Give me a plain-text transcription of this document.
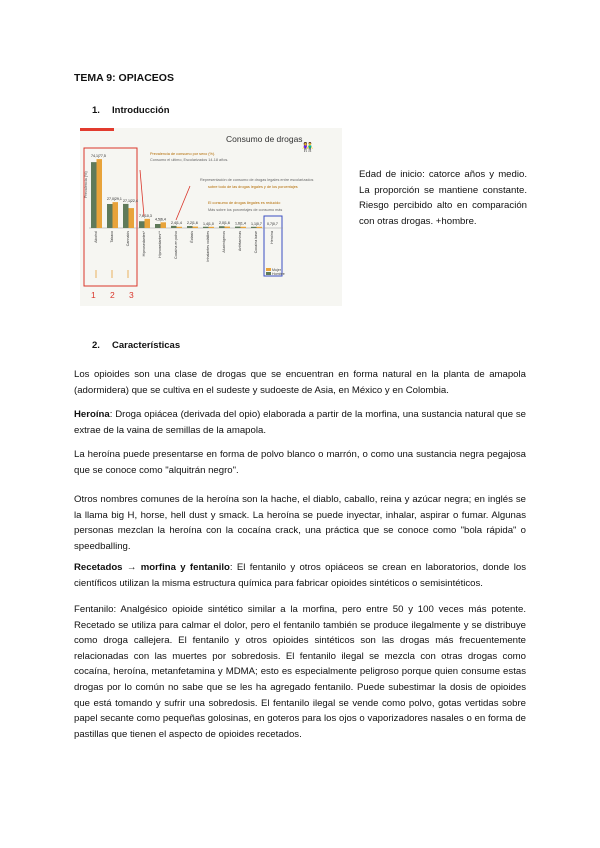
TEMA 9: OPIACEOS
1. Introducción
Consumo de drogas
Prevalencia de consumo por sexo (%).
Consumo el ultimo, Escolarizados 14-18 años.
👫
Representación de consumo de drogas legales entre escolarizados
sobre todo de las drogas legales y de los porcentajes
El consumo de drogas ilegales es reducido
Más sobre los porcentajes de consumo más
Prevalencia (%)
74,1|77,5
Alcohol
27,0|29,1
Tabaco
27,1|22,4
Cannabis
7,6|10,3
Hipnosedantes*
4,5|6,4
Hipnosedantes**
2,4|1,4
Cocaína en polvo
2,2|1,6
Éxtasis
1,4|1,0
Inhalantes volátiles
2,0|1,6
Alucinógenos
1,6|1,4
Anfetaminas
1,1|0,7
Cocaína base
0,7|0,7
Heroína
Mujer
Hombre
1 2 3
Edad de inicio: catorce años y medio. La proporción se mantiene constante. Riesgo percibido alto en comparación con otras drogas. +hombre.
2. Características
Los opioides son una clase de drogas que se encuentran en forma natural en la planta de amapola (adormidera) que se cultiva en el sudeste y sudoeste de Asia, en México y en Colombia.
Heroína: Droga opiácea (derivada del opio) elaborada a partir de la morfina, una sustancia natural que se extrae de la vaina de semillas de la amapola.
La heroína puede presentarse en forma de polvo blanco o marrón, o como una sustancia negra pegajosa que se conoce como "alquitrán negro".
Otros nombres comunes de la heroína son la hache, el diablo, caballo, reina y azúcar negra; en inglés se la llama big H, horse, hell dust y smack. La heroína se puede inyectar, inhalar, aspirar o fumar. Algunas personas mezclan la heroína con la cocaína crack, una práctica que se conoce como "bola rápida" o speedballing.
Recetados → morfina y fentanilo: El fentanilo y otros opiáceos se crean en laboratorios, donde los científicos utilizan la misma estructura química para fabricar opioides sintéticos o semisintéticos.
Fentanilo: Analgésico opioide sintético similar a la morfina, pero entre 50 y 100 veces más potente. Recetado se utiliza para calmar el dolor, pero el fentanilo también se produce ilegalmente y se distribuye como droga callejera. El fentanilo y otros opioides sintéticos son las drogas más frecuentemente relacionadas con las muertes por sobredosis. El fentanilo ilegal se mezcla con otras drogas como cocaína, heroína, metanfetamina y MDMA; esto es especialmente peligroso porque quien consume estas drogas por lo común no sabe que se les ha agregado fentanilo. Puede subestimar la dosis de opioides que está tomando y sufrir una sobredosis. El fentanilo ilegal se vende como polvo, gotas vertidas sobre papel secante como pequeñas golosinas, en goteros para los ojos o vaporizadores nasales o en forma de pastillas que tienen el aspecto de opioides recetados.
